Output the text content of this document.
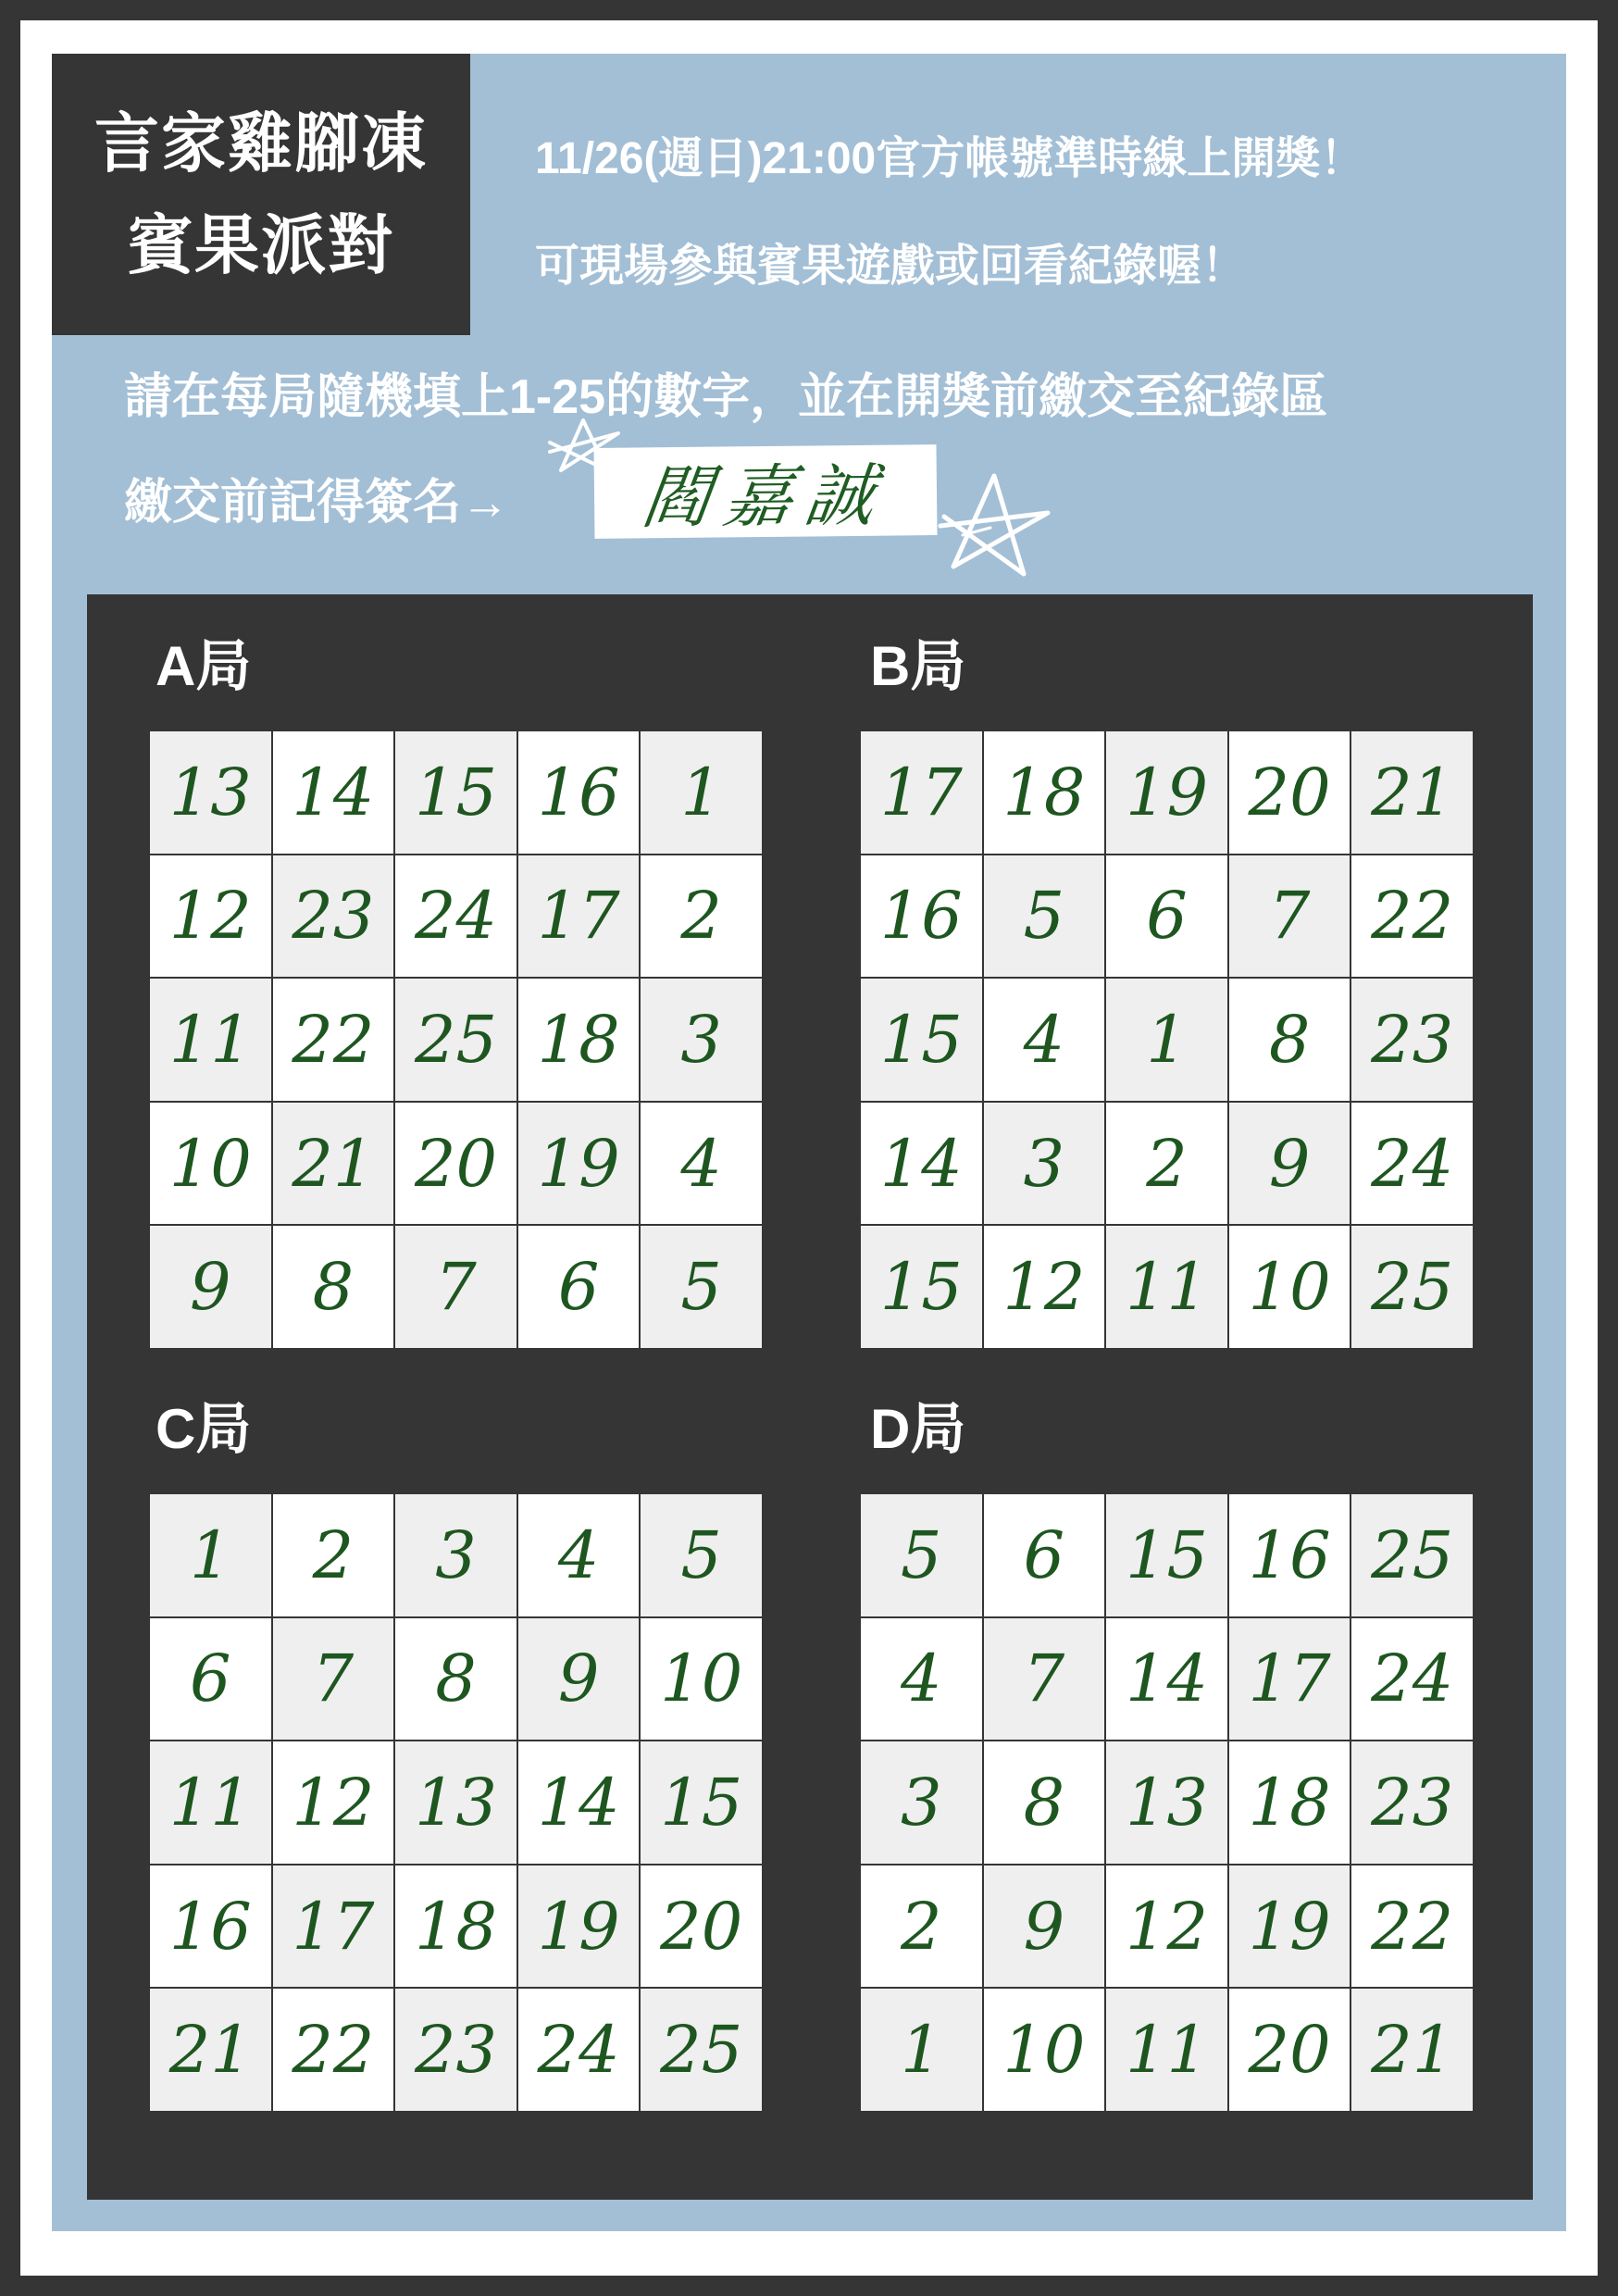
言家雞腳凍
賓果派對
11/26(週日)21:00官方帳號準時線上開獎！
可現場參與賓果遊戲或回看紀錄喔！
請在每局隨機填上1-25的數字，並在開獎前繳交至紀錄區
繳交前記得簽名→	閻嘉誠
A局	B局
C局	D局
13 14 15 16 1
12 23 24 17 2
11 22 25 18 3
10 21 20 19 4
9	8	7	6	5
17 18 19 20 21
16 5	6	7 22
15 4	1	8 23
14 3	2	9 24
15 12 11 10 25
1	2	3	4	5
6	7	8	9 10
11 12 13 14 15
16 17 18 19 20
21 22 23 24 25
5	6 15 16 25
4	7 14 17 24
3	8 13 18 23
2	9 12 19 22
1 10 11 20 21
